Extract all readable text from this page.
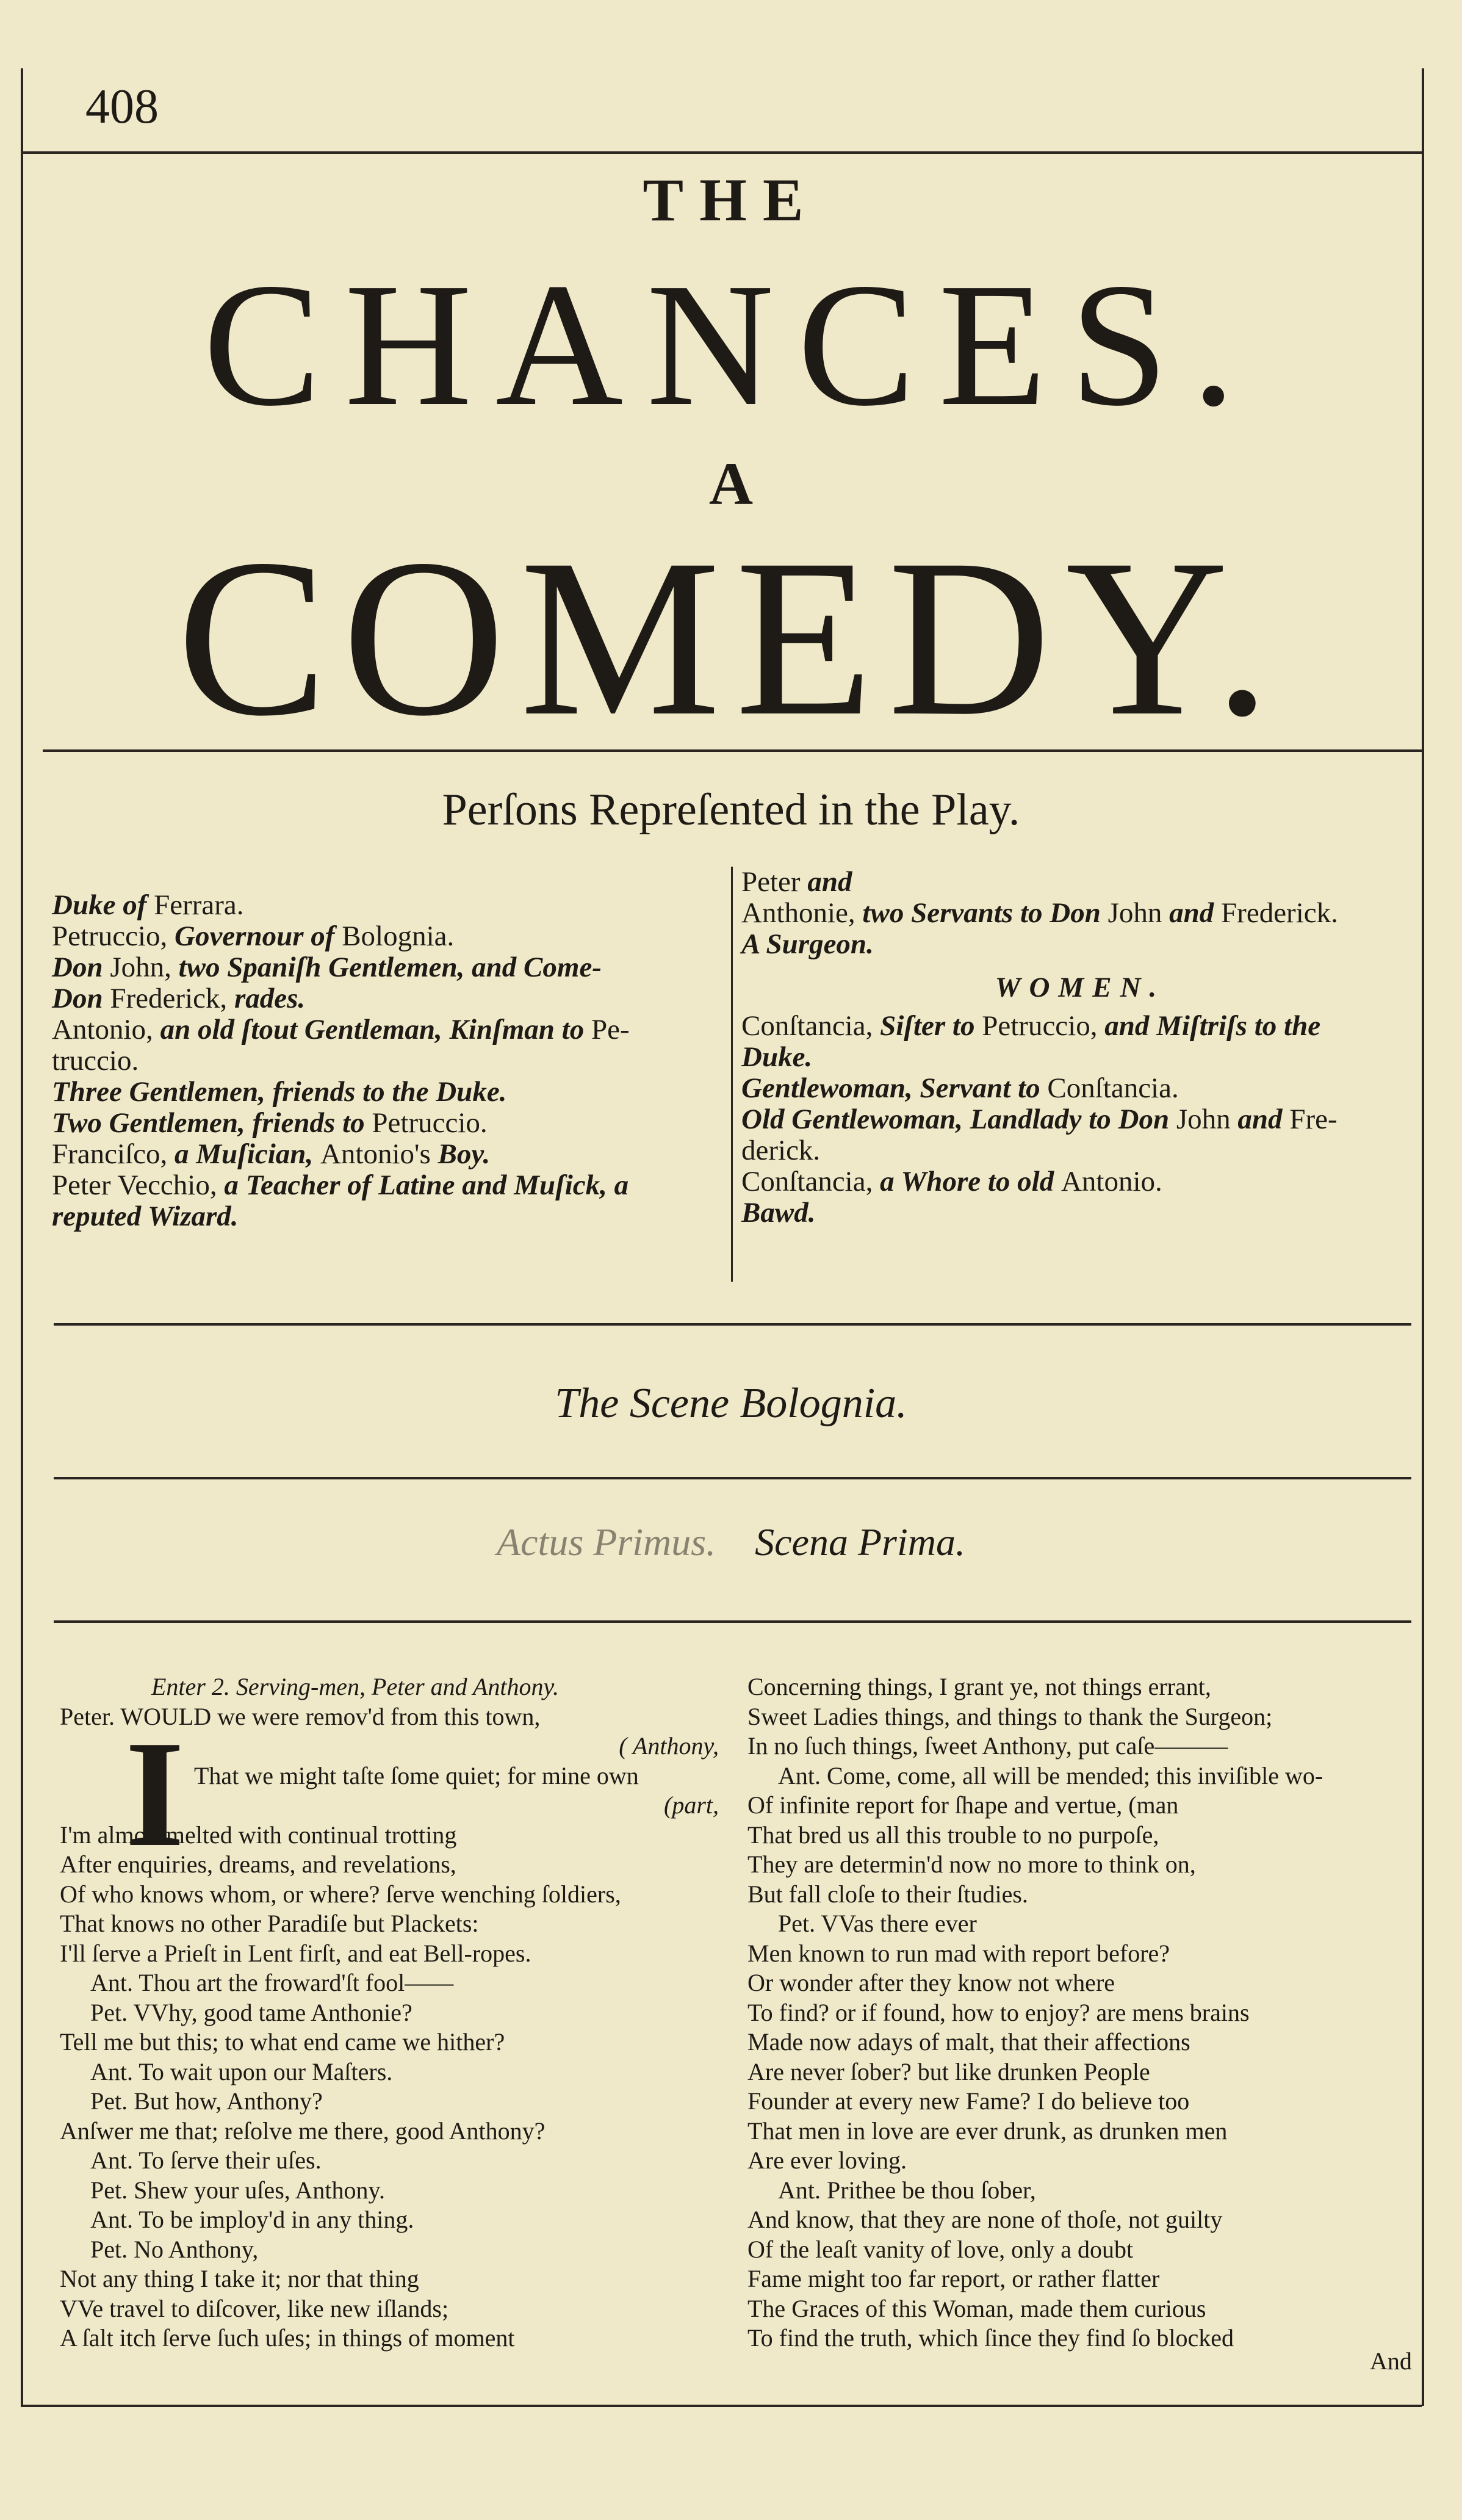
408
THE
CHANCES.
A
COMEDY.
Perſons Repreſented in the Play.

Duke of Ferrara.

Petruccio, Governour of Bolognia.

Don John, two Spaniſh Gentlemen, and Come-

Don Frederick, rades.

Antonio, an old ſtout Gentleman, Kinſman to Pe-

truccio.

Three Gentlemen, friends to the Duke.

Two Gentlemen, friends to Petruccio.

Franciſco, a Muſician, Antonio's Boy.

Peter Vecchio, a Teacher of Latine and Muſick, a

reputed Wizard.

Peter and

Anthonie, two Servants to Don John and Frederick.

A Surgeon.

WOMEN.

Conſtancia, Siſter to Petruccio, and Miſtriſs to the

Duke.

Gentlewoman, Servant to Conſtancia.

Old Gentlewoman, Landlady to Don John and Fre-

derick.

Conſtancia, a Whore to old Antonio.

Bawd.

The Scene Bolognia.
Actus Primus. Scena Prima.
I

Enter 2. Serving-men, Peter and Anthony.

Peter. WOULD we were remov'd from this town,

( Anthony,

That we might taſte ſome quiet; for mine own

(part,

I'm almoſt melted with continual trotting

After enquiries, dreams, and revelations,

Of who knows whom, or where? ſerve wenching ſoldiers,

That knows no other Paradiſe but Plackets:

I'll ſerve a Prieſt in Lent firſt, and eat Bell-ropes.

Ant. Thou art the froward'ſt fool——

Pet. VVhy, good tame Anthonie?

Tell me but this; to what end came we hither?

Ant. To wait upon our Maſters.

Pet. But how, Anthony?

Anſwer me that; reſolve me there, good Anthony?

Ant. To ſerve their uſes.

Pet. Shew your uſes, Anthony.

Ant. To be imploy'd in any thing.

Pet. No Anthony,

Not any thing I take it; nor that thing

VVe travel to diſcover, like new iſlands;

A ſalt itch ſerve ſuch uſes; in things of moment

Concerning things, I grant ye, not things errant,

Sweet Ladies things, and things to thank the Surgeon;

In no ſuch things, ſweet Anthony, put caſe———

Ant. Come, come, all will be mended; this inviſible wo-

Of infinite report for ſhape and vertue, (man

That bred us all this trouble to no purpoſe,

They are determin'd now no more to think on,

But fall cloſe to their ſtudies.

Pet. VVas there ever

Men known to run mad with report before?

Or wonder after they know not where

To find? or if found, how to enjoy? are mens brains

Made now adays of malt, that their affections

Are never ſober? but like drunken People

Founder at every new Fame? I do believe too

That men in love are ever drunk, as drunken men

Are ever loving.

Ant. Prithee be thou ſober,

And know, that they are none of thoſe, not guilty

Of the leaſt vanity of love, only a doubt

Fame might too far report, or rather flatter

The Graces of this Woman, made them curious

To find the truth, which ſince they find ſo blocked

And
